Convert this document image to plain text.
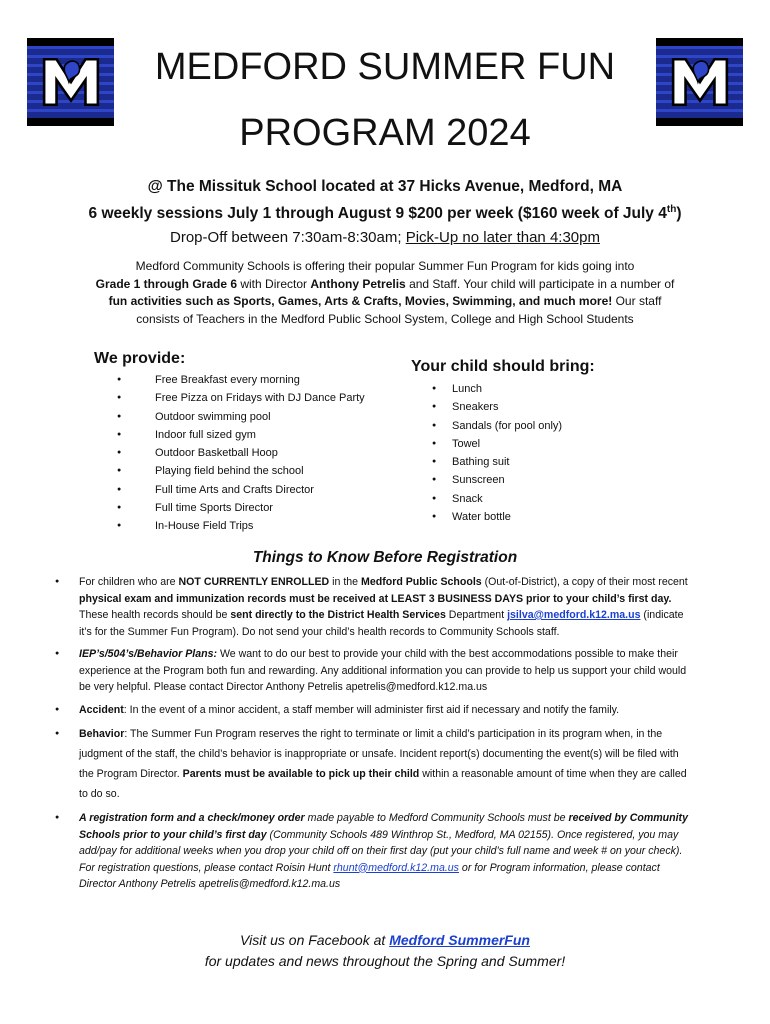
MEDFORD SUMMER FUN
PROGRAM 2024
@ The Missituk School located at 37 Hicks Avenue, Medford, MA
6 weekly sessions July 1 through August 9 $200 per week ($160 week of July 4th)
Drop-Off between 7:30am-8:30am; Pick-Up no later than 4:30pm
Medford Community Schools is offering their popular Summer Fun Program for kids going into
Grade 1 through Grade 6 with Director Anthony Petrelis and Staff. Your child will participate in a number of fun activities such as Sports, Games, Arts & Crafts, Movies, Swimming, and much more! Our staff consists of Teachers in the Medford Public School System, College and High School Students
We provide:
● Free Breakfast every morning
● Free Pizza on Fridays with DJ Dance Party
● Outdoor swimming pool
● Indoor full sized gym
● Outdoor Basketball Hoop
● Playing field behind the school
● Full time Arts and Crafts Director
● Full time Sports Director
● In-House Field Trips
Your child should bring:
● Lunch
● Sneakers
● Sandals (for pool only)
● Towel
● Bathing suit
● Sunscreen
● Snack
● Water bottle
Things to Know Before Registration
● For children who are NOT CURRENTLY ENROLLED in the Medford Public Schools (Out-of-District), a copy of their most recent physical exam and immunization records must be received at LEAST 3 BUSINESS DAYS prior to your child’s first day. These health records should be sent directly to the District Health Services Department jsilva@medford.k12.ma.us (indicate it’s for the Summer Fun Program). Do not send your child’s health records to Community Schools staff.
● IEP’s/504’s/Behavior Plans: We want to do our best to provide your child with the best accommodations possible to make their experience at the Program both fun and rewarding. Any additional information you can provide to help us support your child would be very helpful. Please contact Director Anthony Petrelis apetrelis@medford.k12.ma.us
● Accident: In the event of a minor accident, a staff member will administer first aid if necessary and notify the family.
● Behavior: The Summer Fun Program reserves the right to terminate or limit a child’s participation in its program when, in the judgment of the staff, the child’s behavior is inappropriate or unsafe. Incident report(s) documenting the event(s) will be filed with the Program Director. Parents must be available to pick up their child within a reasonable amount of time when they are called to do so.
● A registration form and a check/money order made payable to Medford Community Schools must be received by Community Schools prior to your child’s first day (Community Schools 489 Winthrop St., Medford, MA 02155). Once registered, you may add/pay for additional weeks when you drop your child off on their first day (put your child’s full name and week # on your check). For registration questions, please contact Roisin Hunt rhunt@medford.k12.ma.us or for Program information, please contact Director Anthony Petrelis apetrelis@medford.k12.ma.us
Visit us on Facebook at Medford SummerFun
for updates and news throughout the Spring and Summer!
